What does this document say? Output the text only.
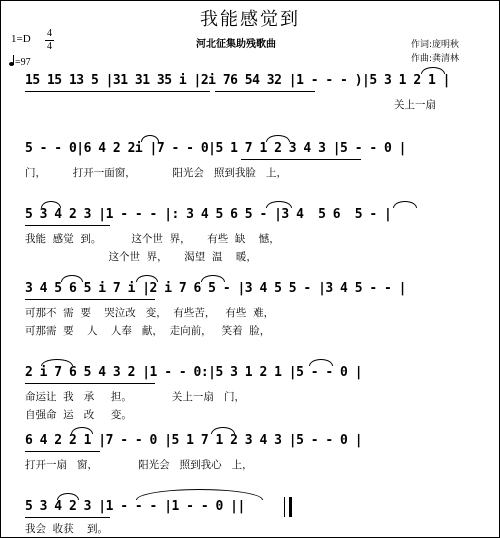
我能感觉到
河北征集助残歌曲
1=D 4
4
=97
作词:庞明秋
作曲:龚清林
15 15 13 5 |31 31 35 i |2i 76 54 32 |1 - - - )|5 3 1 2 1 |
关上一扇
5 - - 0|6 4 2 2i |7 - - 0|5 1 7 1 2 3 4 3 |5 - - 0 |
门，        打开一面窗，           阳光会   照到我脸   上，
5 3 4 2 3 |1 - - - |: 3 4 5 6 5 - |3 4  5 6  5 - |
我能  感觉  到。         这个世  界，     有些  缺    憾，
这个世  界，     渴望  温    暖，
3 4 5 6 5 i 7 i |2 i 7 6 5 - |3 4 5 5 - |3 4 5 - - |
可那不  需  要    哭泣改   变，  有些苦，   有些  难，
可那需  要    人    人奉   献，  走向前，   笑着  脸，
2 i 7 6 5 4 3 2 |1 - - 0:|5 3 1 2 1 |5 - - 0 |
命运让  我   承     担。            关上一扇   门，
自强命  运   改     变。
6 4 2 2 1 |7 - - 0 |5 1 7 1 2 3 4 3 |5 - - 0 |
打开一扇   窗，            阳光会   照到我心   上，
5 3 4 2 3 |1 - - - |1 - - 0 ||
我会  收获    到。
